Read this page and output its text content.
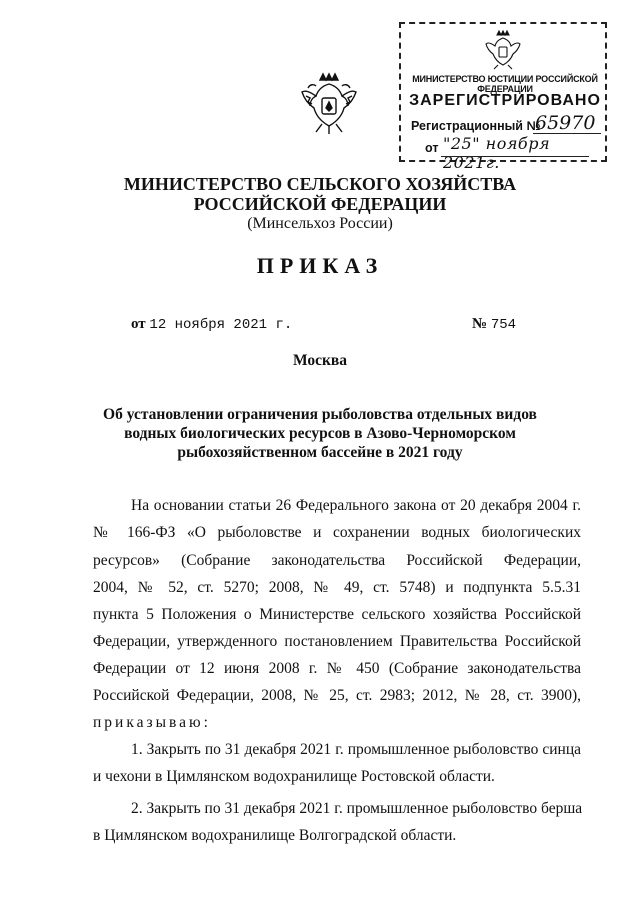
МИНИСТЕРСТВО ЮСТИЦИИ РОССИЙСКОЙ ФЕДЕРАЦИИ
ЗАРЕГИСТРИРОВАНО
Регистрационный №
65970
от "25" ноября 2021г.
МИНИСТЕРСТВО СЕЛЬСКОГО ХОЗЯЙСТВА
РОССИЙСКОЙ ФЕДЕРАЦИИ
(Минсельхоз России)
ПРИКАЗ
от 12 ноября 2021 г.	№ 754
Москва
Об установлении ограничения рыболовства отдельных видов
водных биологических ресурсов в Азово-Черноморском
рыбохозяйственном бассейне в 2021 году
На основании статьи 26 Федерального закона от 20 декабря 2004 г.
№ 166-ФЗ «О рыболовстве и сохранении водных биологических
ресурсов» (Собрание законодательства Российской Федерации,
2004, № 52, ст. 5270; 2008, № 49, ст. 5748) и подпункта 5.5.31
пункта 5 Положения о Министерстве сельского хозяйства Российской
Федерации, утвержденного постановлением Правительства Российской
Федерации от 12 июня 2008 г. № 450 (Собрание законодательства
Российской Федерации, 2008, № 25, ст. 2983; 2012, № 28, ст. 3900),
приказываю:
1. Закрыть по 31 декабря 2021 г. промышленное рыболовство синца
и чехони в Цимлянском водохранилище Ростовской области.
2. Закрыть по 31 декабря 2021 г. промышленное рыболовство берша
в Цимлянском водохранилище Волгоградской области.
